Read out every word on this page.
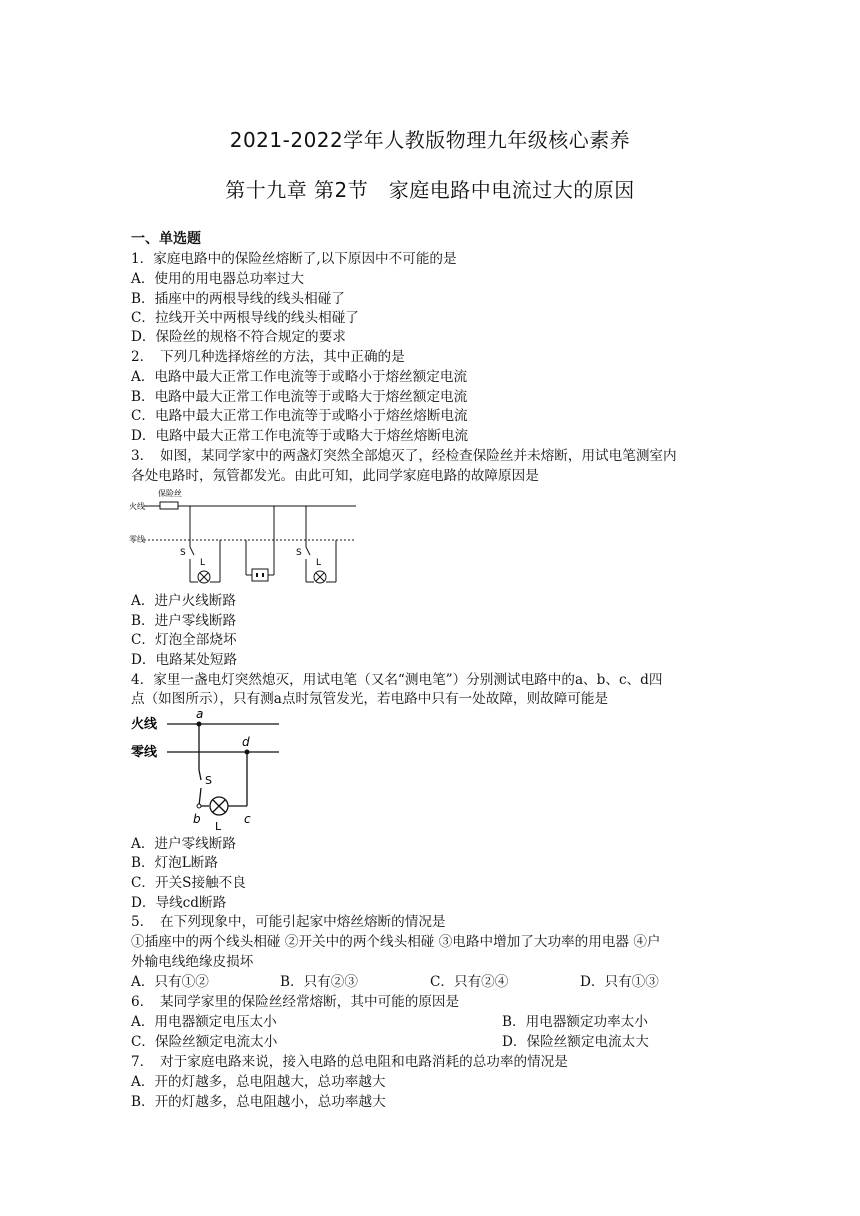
2021-2022学年人教版物理九年级核心素养
第十九章 第2节　家庭电路中电流过大的原因
一、单选题
1．家庭电路中的保险丝熔断了,以下原因中不可能的是
A．使用的用电器总功率过大
B．插座中的两根导线的线头相碰了
C．拉线开关中两根导线的线头相碰了
D．保险丝的规格不符合规定的要求
2．　下列几种选择熔丝的方法，其中正确的是
A．电路中最大正常工作电流等于或略小于熔丝额定电流
B．电路中最大正常工作电流等于或略大于熔丝额定电流
C．电路中最大正常工作电流等于或略小于熔丝熔断电流
D．电路中最大正常工作电流等于或略大于熔丝熔断电流
3．　如图，某同学家中的两盏灯突然全部熄灭了，经检查保险丝并未熔断，用试电笔测室内
各处电路时，氖管都发光。由此可知，此同学家庭电路的故障原因是
保险丝
火线
零线
S
L
S
L
A．进户火线断路
B．进户零线断路
C．灯泡全部烧坏
D．电路某处短路
4．家里一盏电灯突然熄灭，用试电笔（又名“测电笔”）分别测试电路中的a、b、c、d四
点（如图所示），只有测a点时氖管发光，若电路中只有一处故障，则故障可能是
火线
零线
a
d
S
b	c
L
A．进户零线断路
B．灯泡L断路
C．开关S接触不良
D．导线cd断路
5．　在下列现象中，可能引起家中熔丝熔断的情况是
①插座中的两个线头相碰 ②开关中的两个线头相碰 ③电路中增加了大功率的用电器 ④户
外输电线绝缘皮损坏
A．只有①②	B．只有②③	C．只有②④	D．只有①③
6．　某同学家里的保险丝经常熔断，其中可能的原因是
A．用电器额定电压太小	B．用电器额定功率太小
C．保险丝额定电流太小	D．保险丝额定电流太大
7．　对于家庭电路来说，接入电路的总电阻和电路消耗的总功率的情况是
A．开的灯越多，总电阻越大，总功率越大
B．开的灯越多，总电阻越小，总功率越大
